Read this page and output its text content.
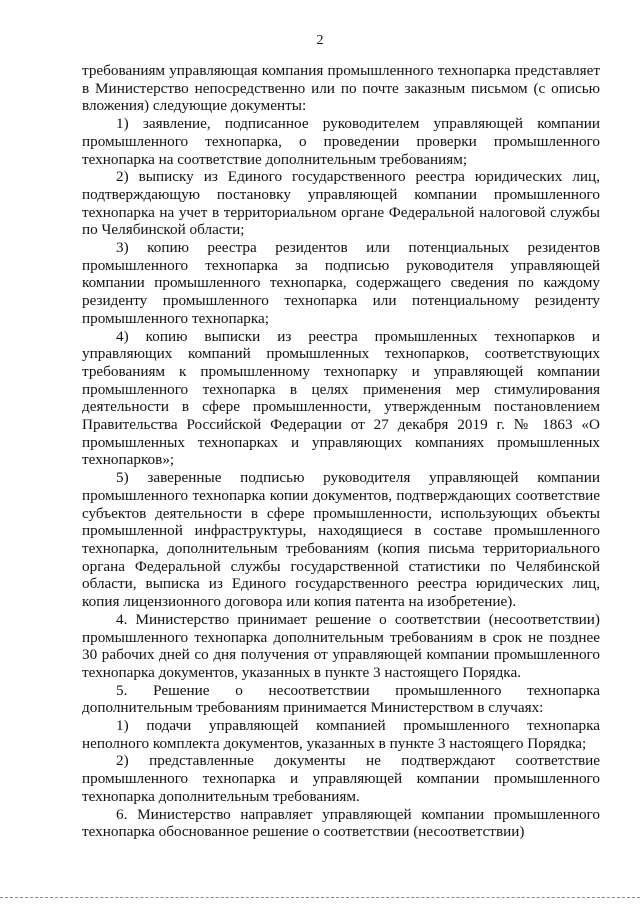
2

требованиям управляющая компания промышленного технопарка представляет в Министерство непосредственно или по почте заказным письмом (с описью вложения) следующие документы:

1) заявление, подписанное руководителем управляющей компании промышленного технопарка, о проведении проверки промышленного технопарка на соответствие дополнительным требованиям;

2) выписку из Единого государственного реестра юридических лиц, подтверждающую постановку управляющей компании промышленного технопарка на учет в территориальном органе Федеральной налоговой службы по Челябинской области;

3) копию реестра резидентов или потенциальных резидентов промышленного технопарка за подписью руководителя управляющей компании промышленного технопарка, содержащего сведения по каждому резиденту промышленного технопарка или потенциальному резиденту промышленного технопарка;

4) копию выписки из реестра промышленных технопарков и управляющих компаний промышленных технопарков, соответствующих требованиям к промышленному технопарку и управляющей компании промышленного технопарка в целях применения мер стимулирования деятельности в сфере промышленности, утвержденным постановлением Правительства Российской Федерации от 27 декабря 2019 г. № 1863 «О промышленных технопарках и управляющих компаниях промышленных технопарков»;

5) заверенные подписью руководителя управляющей компании промышленного технопарка копии документов, подтверждающих соответствие субъектов деятельности в сфере промышленности, использующих объекты промышленной инфраструктуры, находящиеся в составе промышленного технопарка, дополнительным требованиям (копия письма территориального органа Федеральной службы государственной статистики по Челябинской области, выписка из Единого государственного реестра юридических лиц, копия лицензионного договора или копия патента на изобретение).

4. Министерство принимает решение о соответствии (несоответствии) промышленного технопарка дополнительным требованиям в срок не позднее 30 рабочих дней со дня получения от управляющей компании промышленного технопарка документов, указанных в пункте 3 настоящего Порядка.

5. Решение о несоответствии промышленного технопарка дополнительным требованиям принимается Министерством в случаях:

1) подачи управляющей компанией промышленного технопарка неполного комплекта документов, указанных в пункте 3 настоящего Порядка;

2) представленные документы не подтверждают соответствие промышленного технопарка и управляющей компании промышленного технопарка дополнительным требованиям.

6. Министерство направляет управляющей компании промышленного технопарка обоснованное решение о соответствии (несоответствии)
